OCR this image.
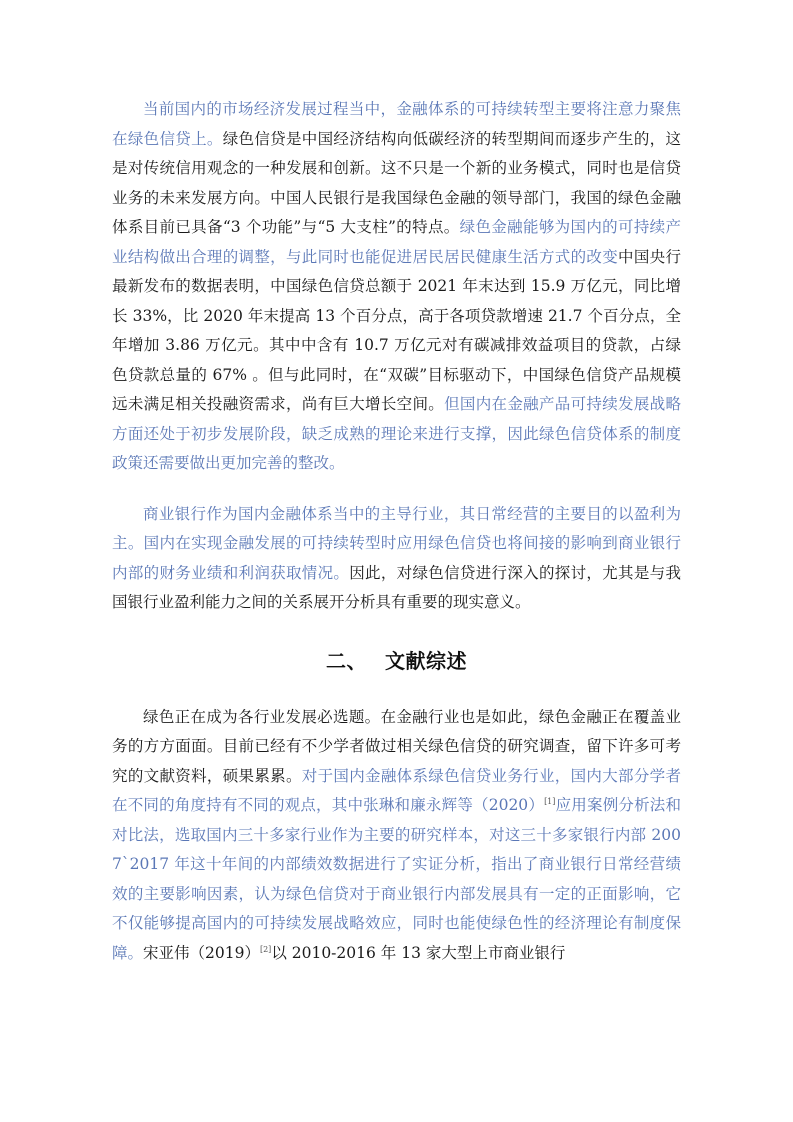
当前国内的市场经济发展过程当中，金融体系的可持续转型主要将注意力聚焦在绿色信贷上。绿色信贷是中国经济结构向低碳经济的转型期间而逐步产生的，这是对传统信用观念的一种发展和创新。这不只是一个新的业务模式，同时也是信贷业务的未来发展方向。中国人民银行是我国绿色金融的领导部门，我国的绿色金融体系目前已具备“3 个功能”与“5 大支柱”的特点。绿色金融能够为国内的可持续产业结构做出合理的调整，与此同时也能促进居民居民健康生活方式的改变中国央行最新发布的数据表明，中国绿色信贷总额于 2021 年末达到 15.9 万亿元，同比增长 33%，比 2020 年末提高 13 个百分点，高于各项贷款增速 21.7 个百分点，全年增加 3.86 万亿元。其中中含有 10.7 万亿元对有碳减排效益项目的贷款，占绿色贷款总量的 67% 。但与此同时，在“双碳”目标驱动下，中国绿色信贷产品规模远未满足相关投融资需求，尚有巨大增长空间。但国内在金融产品可持续发展战略方面还处于初步发展阶段，缺乏成熟的理论来进行支撑，因此绿色信贷体系的制度政策还需要做出更加完善的整改。

商业银行作为国内金融体系当中的主导行业，其日常经营的主要目的以盈利为主。国内在实现金融发展的可持续转型时应用绿色信贷也将间接的影响到商业银行内部的财务业绩和利润获取情况。因此，对绿色信贷进行深入的探讨，尤其是与我国银行业盈利能力之间的关系展开分析具有重要的现实意义。

二、 文献综述

绿色正在成为各行业发展必选题。在金融行业也是如此，绿色金融正在覆盖业务的方方面面。目前已经有不少学者做过相关绿色信贷的研究调查，留下许多可考究的文献资料，硕果累累。对于国内金融体系绿色信贷业务行业，国内大部分学者在不同的角度持有不同的观点，其中张琳和廉永辉等（2020）[1]应用案例分析法和对比法，选取国内三十多家行业作为主要的研究样本，对这三十多家银行内部 2007`2017 年这十年间的内部绩效数据进行了实证分析，指出了商业银行日常经营绩效的主要影响因素，认为绿色信贷对于商业银行内部发展具有一定的正面影响，它不仅能够提高国内的可持续发展战略效应，同时也能使绿色性的经济理论有制度保障。宋亚伟（2019）[2]以 2010-2016 年 13 家大型上市商业银行
